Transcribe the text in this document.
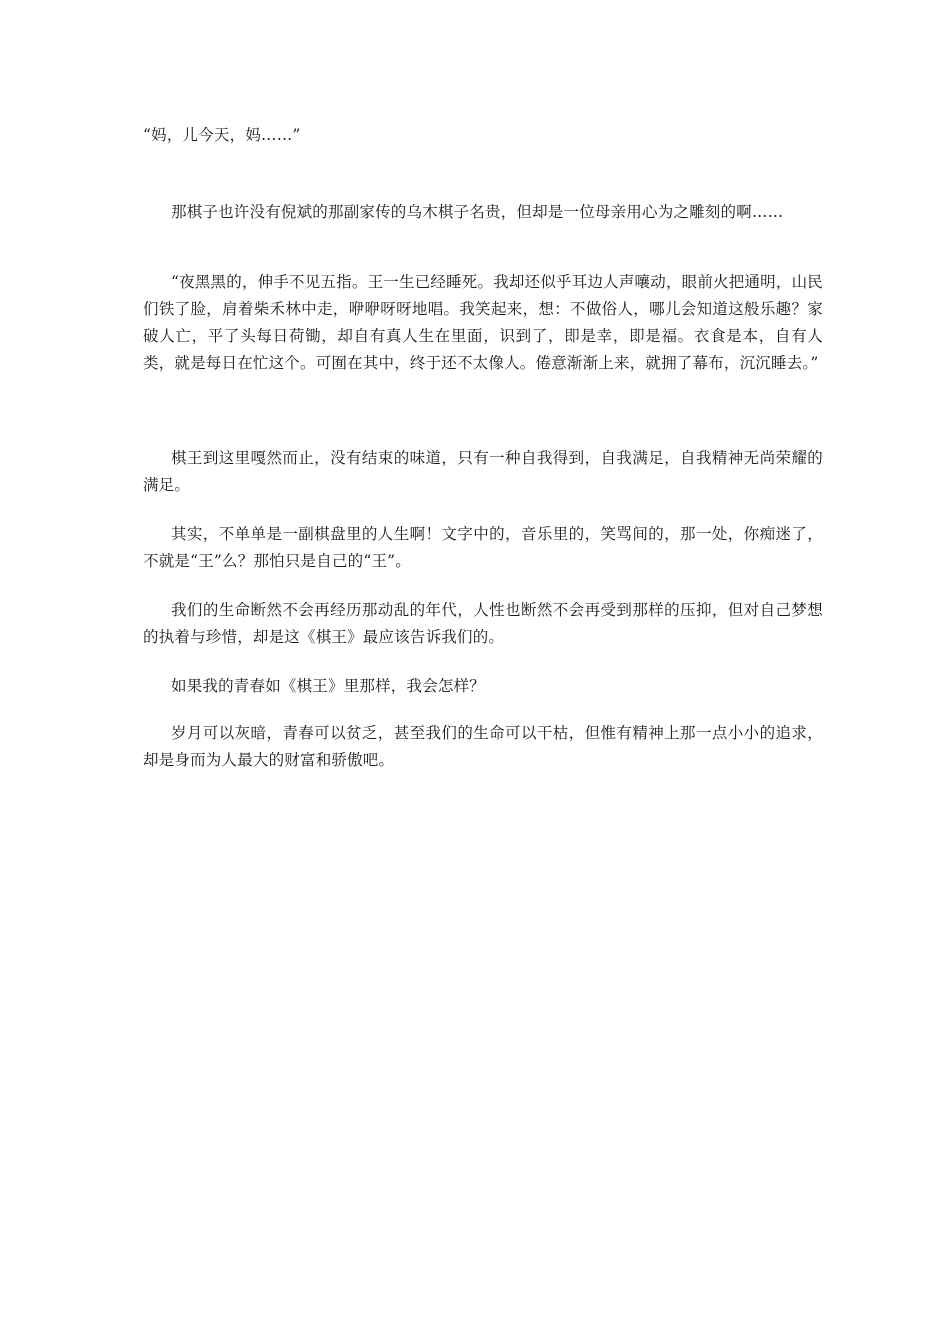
“妈，儿今天，妈……”

那棋子也许没有倪斌的那副家传的乌木棋子名贵，但却是一位母亲用心为之雕刻的啊……

“夜黑黑的，伸手不见五指。王一生已经睡死。我却还似乎耳边人声嚷动，眼前火把通明，山民们铁了脸，肩着柴禾林中走，咿咿呀呀地唱。我笑起来，想：不做俗人，哪儿会知道这般乐趣？家破人亡，平了头每日荷锄，却自有真人生在里面，识到了，即是幸，即是福。衣食是本，自有人类，就是每日在忙这个。可囿在其中，终于还不太像人。倦意渐渐上来，就拥了幕布，沉沉睡去。”

棋王到这里嘎然而止，没有结束的味道，只有一种自我得到，自我满足，自我精神无尚荣耀的满足。

其实，不单单是一副棋盘里的人生啊！文字中的，音乐里的，笑骂间的，那一处，你痴迷了，不就是“王”么？那怕只是自己的“王”。

我们的生命断然不会再经历那动乱的年代，人性也断然不会再受到那样的压抑，但对自己梦想的执着与珍惜，却是这《棋王》最应该告诉我们的。

如果我的青春如《棋王》里那样，我会怎样？

岁月可以灰暗，青春可以贫乏，甚至我们的生命可以干枯，但惟有精神上那一点小小的追求，却是身而为人最大的财富和骄傲吧。
